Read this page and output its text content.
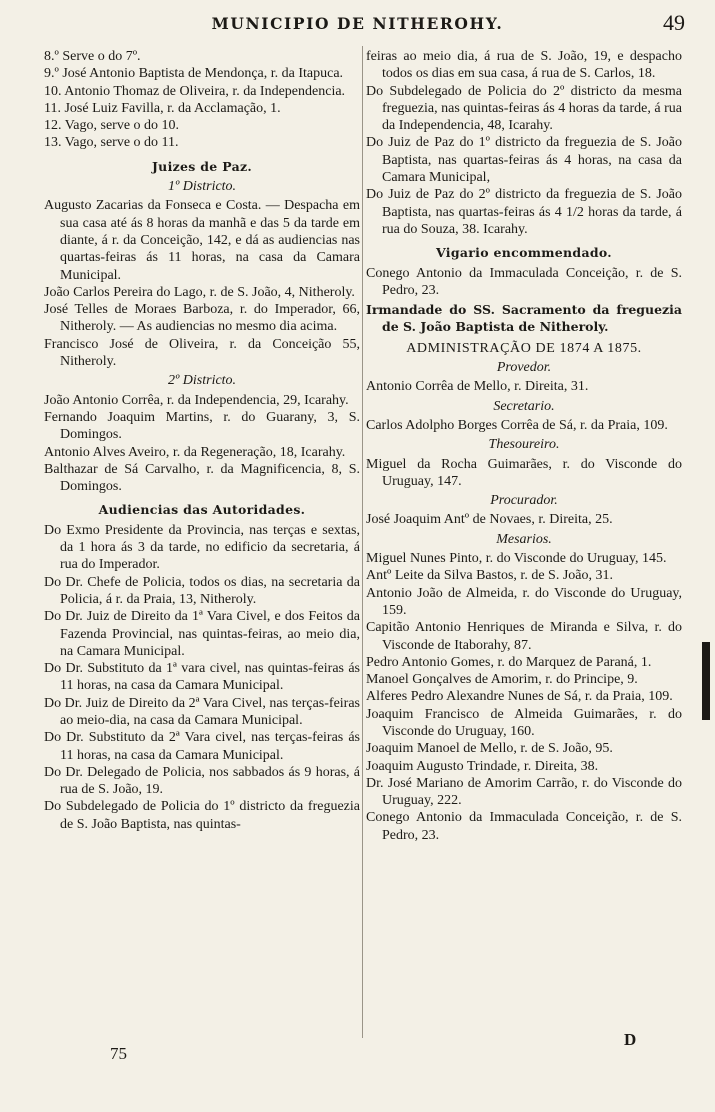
MUNICIPIO DE NITHEROHY.	49

8.º Serve o do 7º.

9.º José Antonio Baptista de Mendonça, r. da Itapuca.

10. Antonio Thomaz de Oliveira, r. da Independencia.

11. José Luiz Favilla, r. da Acclamação, 1.

12. Vago, serve o do 10.

13. Vago, serve o do 11.

Juizes de Paz.
1º Districto.

Augusto Zacarias da Fonseca e Costa. — Despacha em sua casa até ás 8 horas da manhã e das 5 da tarde em diante, á r. da Conceição, 142, e dá as audiencias nas quartas-feiras ás 11 horas, na casa da Camara Municipal.

João Carlos Pereira do Lago, r. de S. João, 4, Nitheroly.

José Telles de Moraes Barboza, r. do Imperador, 66, Nitheroly. — As audiencias no mesmo dia acima.

Francisco José de Oliveira, r. da Conceição 55, Nitheroly.

2º Districto.

João Antonio Corrêa, r. da Independencia, 29, Icarahy.

Fernando Joaquim Martins, r. do Guarany, 3, S. Domingos.

Antonio Alves Aveiro, r. da Regeneração, 18, Icarahy.

Balthazar de Sá Carvalho, r. da Magnificencia, 8, S. Domingos.

Audiencias das Autoridades.

Do Exmo Presidente da Provincia, nas terças e sextas, da 1 hora ás 3 da tarde, no edificio da secretaria, á rua do Imperador.

Do Dr. Chefe de Policia, todos os dias, na secretaria da Policia, á r. da Praia, 13, Nitheroly.

Do Dr. Juiz de Direito da 1ª Vara Civel, e dos Feitos da Fazenda Provincial, nas quintas-feiras, ao meio dia, na Camara Municipal.

Do Dr. Substituto da 1ª vara civel, nas quintas-feiras ás 11 horas, na casa da Camara Municipal.

Do Dr. Juiz de Direito da 2ª Vara Civel, nas terças-feiras ao meio-dia, na casa da Camara Municipal.

Do Dr. Substituto da 2ª Vara civel, nas terças-feiras ás 11 horas, na casa da Camara Municipal.

Do Dr. Delegado de Policia, nos sabbados ás 9 horas, á rua de S. João, 19.

Do Subdelegado de Policia do 1º districto da freguezia de S. João Baptista, nas quintas-

feiras ao meio dia, á rua de S. João, 19, e despacho todos os dias em sua casa, á rua de S. Carlos, 18.

Do Subdelegado de Policia do 2º districto da mesma freguezia, nas quintas-feiras ás 4 horas da tarde, á rua da Independencia, 48, Icarahy.

Do Juiz de Paz do 1º districto da freguezia de S. João Baptista, nas quartas-feiras ás 4 horas, na casa da Camara Municipal,

Do Juiz de Paz do 2º districto da freguezia de S. João Baptista, nas quartas-feiras ás 4 1/2 horas da tarde, á rua do Souza, 38. Icarahy.

Vigario encommendado.

Conego Antonio da Immaculada Conceição, r. de S. Pedro, 23.

Irmandade do SS. Sacramento da freguezia de S. João Baptista de Nitheroly.
ADMINISTRAÇÃO DE 1874 A 1875.
Provedor.

Antonio Corrêa de Mello, r. Direita, 31.

Secretario.

Carlos Adolpho Borges Corrêa de Sá, r. da Praia, 109.

Thesoureiro.

Miguel da Rocha Guimarães, r. do Visconde do Uruguay, 147.

Procurador.

José Joaquim Antº de Novaes, r. Direita, 25.

Mesarios.

Miguel Nunes Pinto, r. do Visconde do Uruguay, 145.

Antº Leite da Silva Bastos, r. de S. João, 31.

Antonio João de Almeida, r. do Visconde do Uruguay, 159.

Capitão Antonio Henriques de Miranda e Silva, r. do Visconde de Itaborahy, 87.

Pedro Antonio Gomes, r. do Marquez de Paraná, 1.

Manoel Gonçalves de Amorim, r. do Principe, 9.

Alferes Pedro Alexandre Nunes de Sá, r. da Praia, 109.

Joaquim Francisco de Almeida Guimarães, r. do Visconde do Uruguay, 160.

Joaquim Manoel de Mello, r. de S. João, 95.

Joaquim Augusto Trindade, r. Direita, 38.

Dr. José Mariano de Amorim Carrão, r. do Visconde do Uruguay, 222.

Conego Antonio da Immaculada Conceição, r. de S. Pedro, 23.

75
D
